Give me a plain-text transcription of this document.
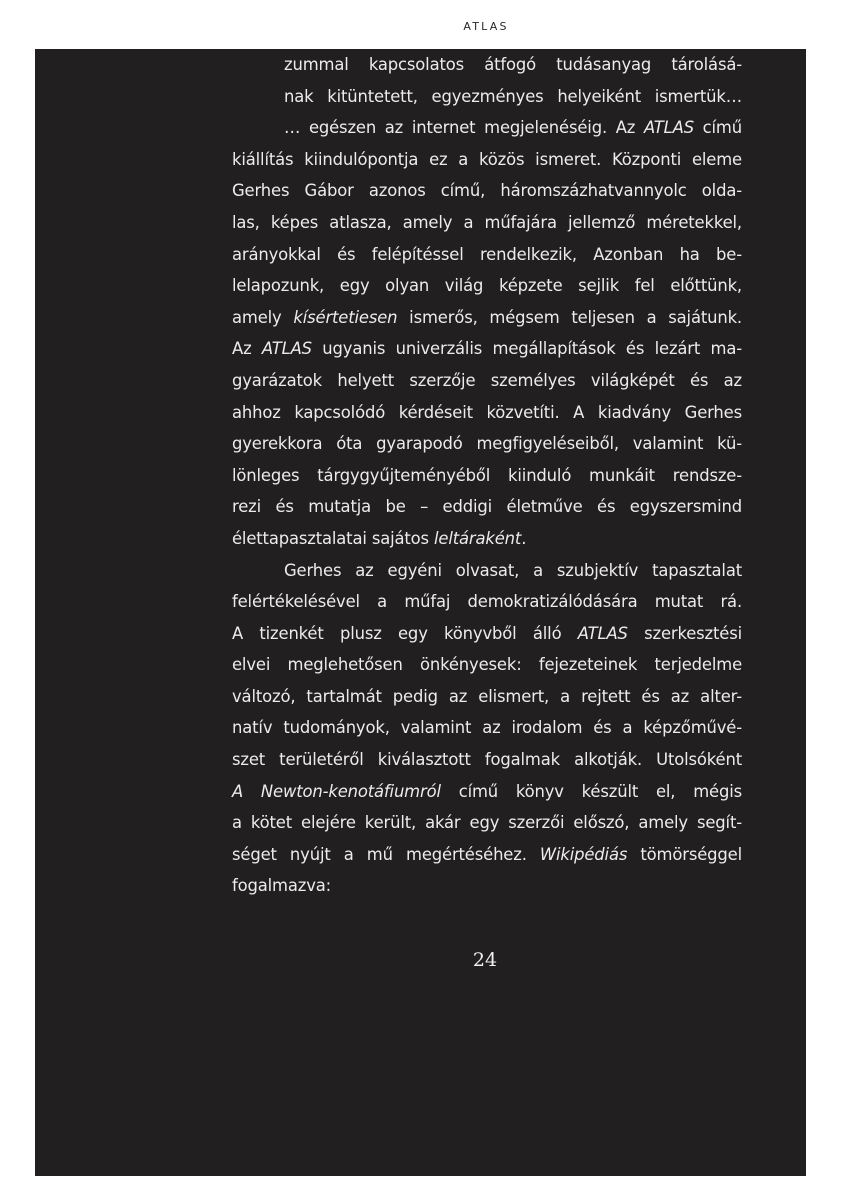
ATLAS
zummal kapcsolatos átfogó tudásanyag tárolásá-
nak kitüntetett, egyezményes helyeiként ismertük…
… egészen az internet megjelenéséig. Az ATLAS című
kiállítás kiindulópontja ez a közös ismeret. Központi eleme
Gerhes Gábor azonos című, háromszázhatvannyolc olda-
las, képes atlasza, amely a műfajára jellemző méretekkel,
arányokkal és felépítéssel rendelkezik, Azonban ha be-
lelapozunk, egy olyan világ képzete sejlik fel előttünk,
amely kísértetiesen ismerős, mégsem teljesen a sajátunk.
Az ATLAS ugyanis univerzális megállapítások és lezárt ma-
gyarázatok helyett szerzője személyes világképét és az
ahhoz kapcsolódó kérdéseit közvetíti. A kiadvány Gerhes
gyerekkora óta gyarapodó megfigyeléseiből, valamint kü-
lönleges tárgygyűjteményéből kiinduló munkáit rendsze-
rezi és mutatja be – eddigi életműve és egyszersmind
élettapasztalatai sajátos leltáraként.
Gerhes az egyéni olvasat, a szubjektív tapasztalat
felértékelésével a műfaj demokratizálódására mutat rá.
A tizenkét plusz egy könyvből álló ATLAS szerkesztési
elvei meglehetősen önkényesek: fejezeteinek terjedelme
változó, tartalmát pedig az elismert, a rejtett és az alter-
natív tudományok, valamint az irodalom és a képzőművé-
szet területéről kiválasztott fogalmak alkotják. Utolsóként
A Newton-kenotáfiumról című könyv készült el, mégis
a kötet elejére került, akár egy szerzői előszó, amely segít-
séget nyújt a mű megértéséhez. Wikipédiás tömörséggel
fogalmazva:
24
